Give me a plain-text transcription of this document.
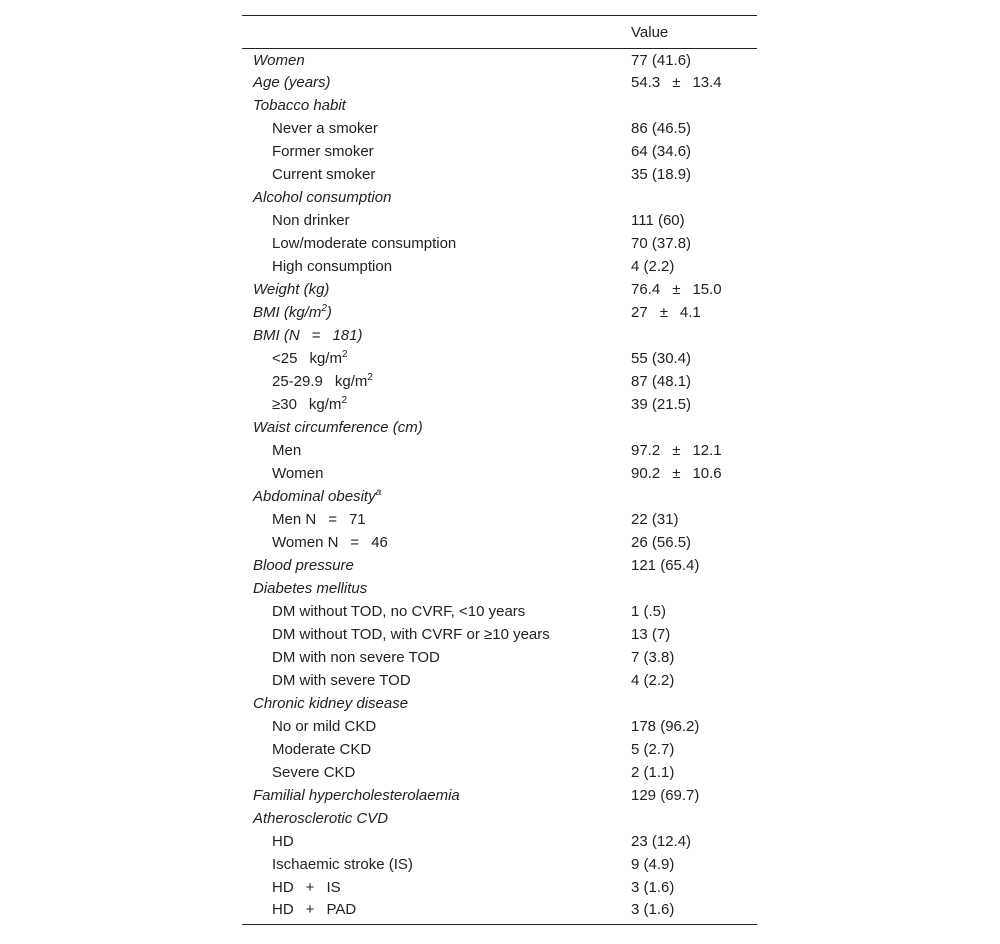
	Value
Women	77 (41.6)
Age (years)	54.3 ± 13.4
Tobacco habit	
Never a smoker	86 (46.5)
Former smoker	64 (34.6)
Current smoker	35 (18.9)
Alcohol consumption	
Non drinker	111 (60)
Low/moderate consumption	70 (37.8)
High consumption	4 (2.2)
Weight (kg)	76.4 ± 15.0
BMI $(kg/m^2)$	27 ± 4.1
BMI (N = 181)	
<25 $kg/m^2$	55 (30.4)
25-29.9 $kg/m^2$	87 (48.1)
≥30 $kg/m^2$	39 (21.5)
Waist circumference (cm)	
Men	97.2 ± 12.1
Women	90.2 ± 10.6
Abdominal obesity$^a$	
Men N = 71	22 (31)
Women N = 46	26 (56.5)
Blood pressure	121 (65.4)
Diabetes mellitus	
DM without TOD, no CVRF, <10 years	1 (.5)
DM without TOD, with CVRF or ≥10 years	13 (7)
DM with non severe TOD	7 (3.8)
DM with severe TOD	4 (2.2)
Chronic kidney disease	
No or mild CKD	178 (96.2)
Moderate CKD	5 (2.7)
Severe CKD	2 (1.1)
Familial hypercholesterolaemia	129 (69.7)
Atherosclerotic CVD	
HD	23 (12.4)
Ischaemic stroke (IS)	9 (4.9)
HD + IS	3 (1.6)
HD + PAD	3 (1.6)
